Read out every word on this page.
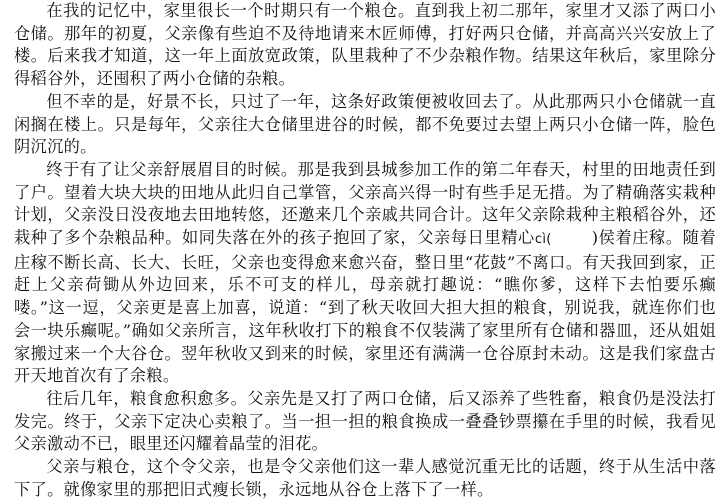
在我的记忆中，家里很长一个时期只有一个粮仓。直到我上初二那年，家里才又添了两口小仓储。那年的初夏，父亲像有些迫不及待地请来木匠师傅，打好两只仓储，并高高兴兴安放上了楼。后来我才知道，这一年上面放宽政策，队里栽种了不少杂粮作物。结果这年秋后，家里除分得稻谷外，还囤积了两小仓储的杂粮。

但不幸的是，好景不长，只过了一年，这条好政策便被收回去了。从此那两只小仓储就一直闲搁在楼上。只是每年，父亲往大仓储里进谷的时候，都不免要过去望上两只小仓储一阵，脸色阴沉沉的。

终于有了让父亲舒展眉目的时候。那是我到县城参加工作的第二年春天，村里的田地责任到了户。望着大块大块的田地从此归自己掌管，父亲高兴得一时有些手足无措。为了精确落实栽种计划，父亲没日没夜地去田地转悠，还邀来几个亲戚共同合计。这年父亲除栽种主粮稻谷外，还栽种了多个杂粮品种。如同失落在外的孩子抱回了家，父亲每日里精心cì( )侯着庄稼。随着庄稼不断长高、长大、长旺，父亲也变得愈来愈兴奋，整日里“花鼓”不离口。有天我回到家，正赶上父亲荷锄从外边回来，乐不可支的样儿，母亲就打趣说：“瞧你爹，这样下去怕要乐癫喽。”这一逗，父亲更是喜上加喜，说道：“到了秋天收回大担大担的粮食，别说我，就连你们也会一块乐癫呢。”确如父亲所言，这年秋收打下的粮食不仅装满了家里所有仓储和器皿，还从姐姐家搬过来一个大谷仓。翌年秋收又到来的时候，家里还有满满一仓谷原封未动。这是我们家盘古开天地首次有了余粮。

往后几年，粮食愈积愈多。父亲先是又打了两口仓储，后又添养了些牲畜，粮食仍是没法打发完。终于，父亲下定决心卖粮了。当一担一担的粮食换成一叠叠钞票攥在手里的时候，我看见父亲激动不已，眼里还闪耀着晶莹的泪花。

父亲与粮仓，这个令父亲，也是令父亲他们这一辈人感觉沉重无比的话题，终于从生活中落下了。就像家里的那把旧式瘦长锁，永远地从谷仓上落下了一样。
